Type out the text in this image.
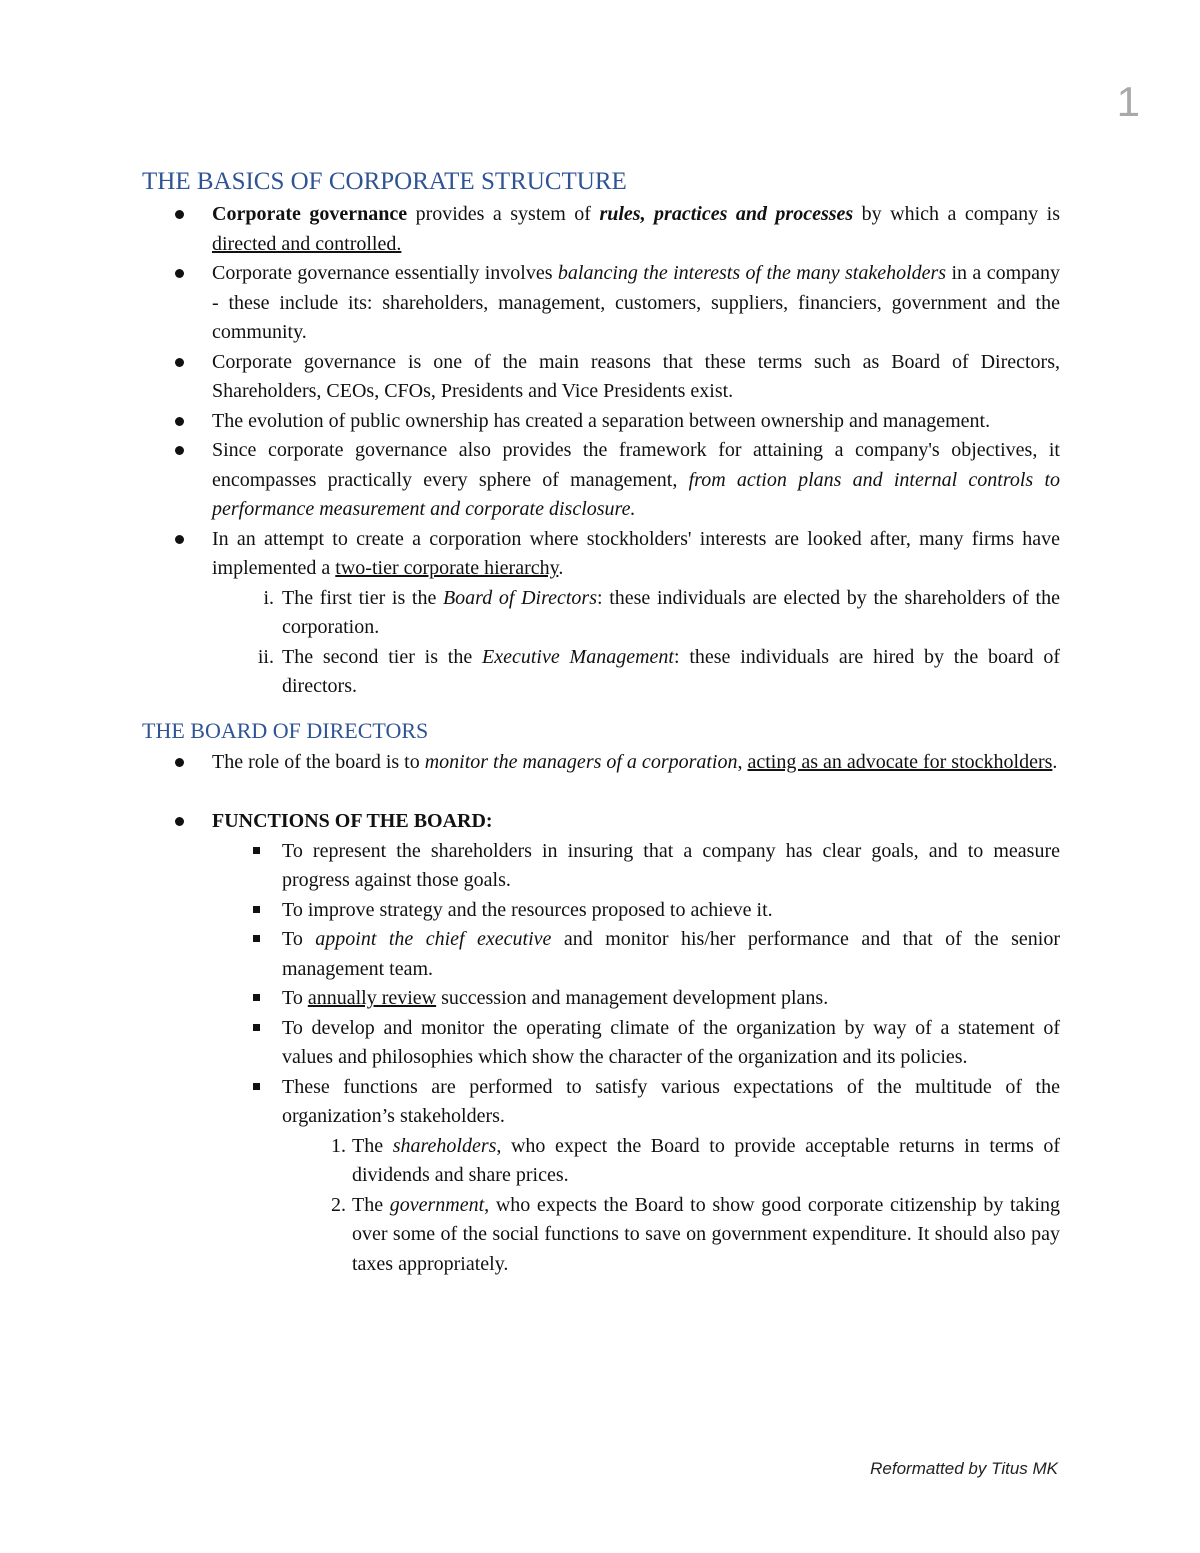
1
THE BASICS OF CORPORATE STRUCTURE
Corporate governance provides a system of rules, practices and processes by which a company is directed and controlled.
Corporate governance essentially involves balancing the interests of the many stakeholders in a company - these include its: shareholders, management, customers, suppliers, financiers, government and the community.
Corporate governance is one of the main reasons that these terms such as Board of Directors, Shareholders, CEOs, CFOs, Presidents and Vice Presidents exist.
The evolution of public ownership has created a separation between ownership and management.
Since corporate governance also provides the framework for attaining a company's objectives, it encompasses practically every sphere of management, from action plans and internal controls to performance measurement and corporate disclosure.
In an attempt to create a corporation where stockholders' interests are looked after, many firms have implemented a two-tier corporate hierarchy.
i. The first tier is the Board of Directors: these individuals are elected by the shareholders of the corporation.
ii. The second tier is the Executive Management: these individuals are hired by the board of directors.
THE BOARD OF DIRECTORS
The role of the board is to monitor the managers of a corporation, acting as an advocate for stockholders.
FUNCTIONS OF THE BOARD:
To represent the shareholders in insuring that a company has clear goals, and to measure progress against those goals.
To improve strategy and the resources proposed to achieve it.
To appoint the chief executive and monitor his/her performance and that of the senior management team.
To annually review succession and management development plans.
To develop and monitor the operating climate of the organization by way of a statement of values and philosophies which show the character of the organization and its policies.
These functions are performed to satisfy various expectations of the multitude of the organization’s stakeholders.
1. The shareholders, who expect the Board to provide acceptable returns in terms of dividends and share prices.
2. The government, who expects the Board to show good corporate citizenship by taking over some of the social functions to save on government expenditure. It should also pay taxes appropriately.
Reformatted by Titus MK
